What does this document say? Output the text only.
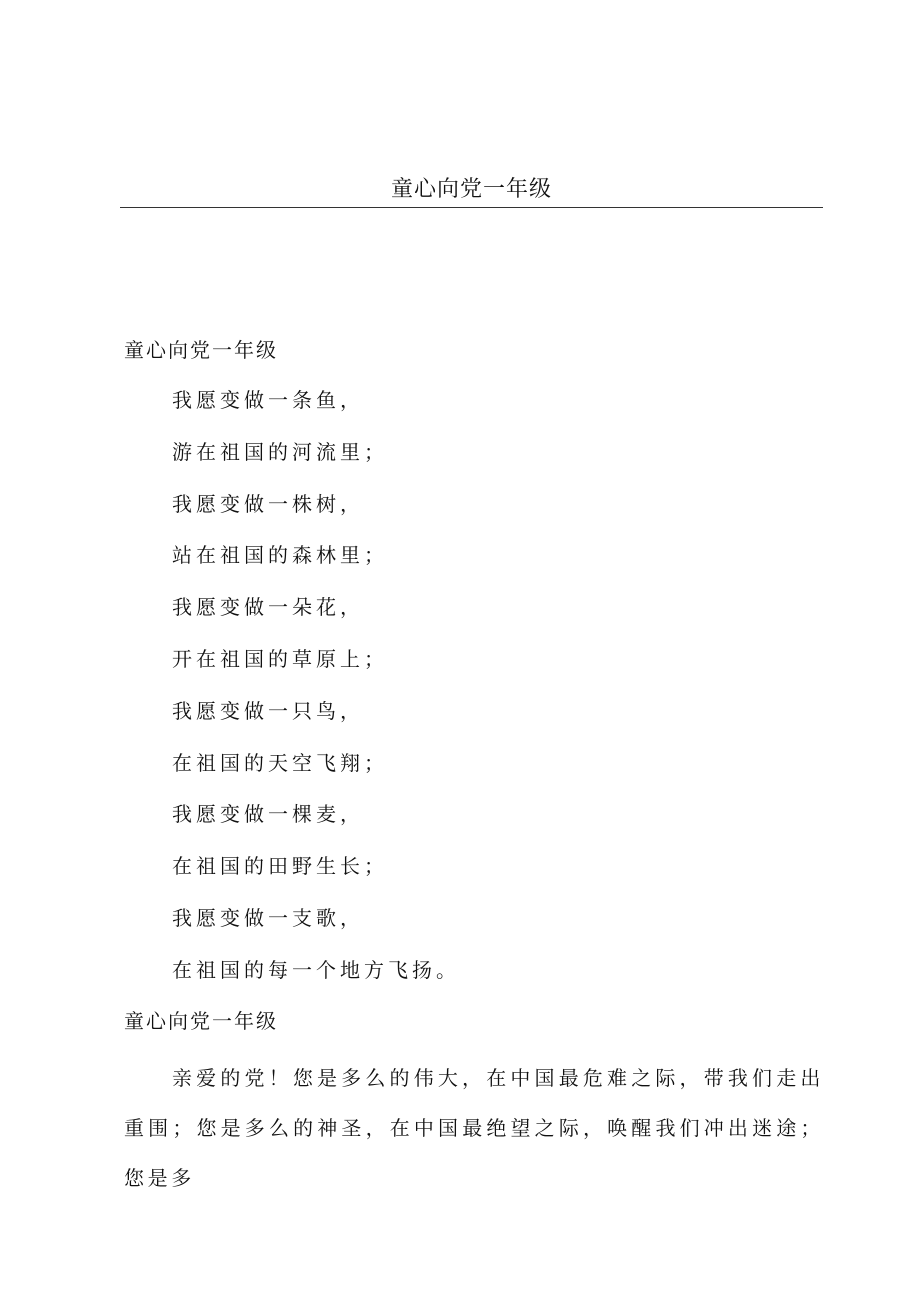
童心向党一年级
童心向党一年级
我愿变做一条鱼，
游在祖国的河流里；
我愿变做一株树，
站在祖国的森林里；
我愿变做一朵花，
开在祖国的草原上；
我愿变做一只鸟，
在祖国的天空飞翔；
我愿变做一棵麦，
在祖国的田野生长；
我愿变做一支歌，
在祖国的每一个地方飞扬。
童心向党一年级

亲爱的党！您是多么的伟大，在中国最危难之际，带我们走出重围；您是多么的神圣，在中国最绝望之际，唤醒我们冲出迷途；您是多
